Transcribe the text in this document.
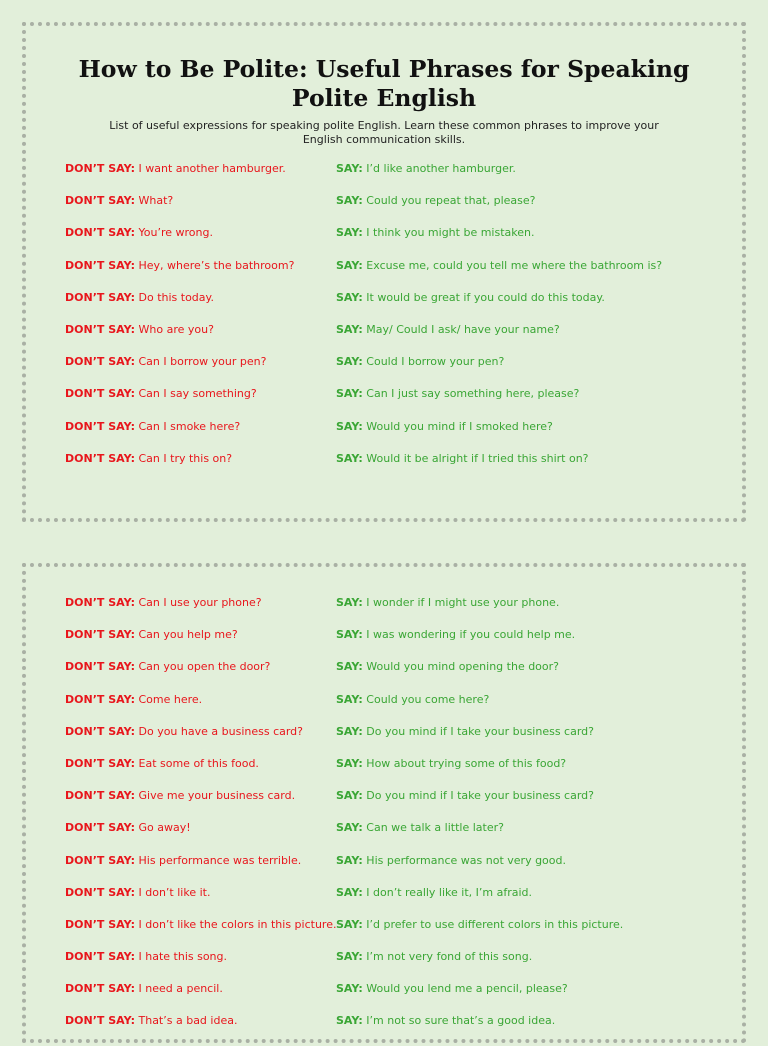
How to Be Polite: Useful Phrases for Speaking Polite English
List of useful expressions for speaking polite English. Learn these common phrases to improve your English communication skills.
DON’T SAY: I want another hamburger.	SAY: I’d like another hamburger.
DON’T SAY: What?	SAY: Could you repeat that, please?
DON’T SAY: You’re wrong.	SAY: I think you might be mistaken.
DON’T SAY: Hey, where’s the bathroom?	SAY: Excuse me, could you tell me where the bathroom is?
DON’T SAY: Do this today.	SAY: It would be great if you could do this today.
DON’T SAY: Who are you?	SAY: May/ Could I ask/ have your name?
DON’T SAY: Can I borrow your pen?	SAY: Could I borrow your pen?
DON’T SAY: Can I say something?	SAY: Can I just say something here, please?
DON’T SAY: Can I smoke here?	SAY: Would you mind if I smoked here?
DON’T SAY: Can I try this on?	SAY: Would it be alright if I tried this shirt on?
DON’T SAY: Can I use your phone?	SAY: I wonder if I might use your phone.
DON’T SAY: Can you help me?	SAY: I was wondering if you could help me.
DON’T SAY: Can you open the door?	SAY: Would you mind opening the door?
DON’T SAY: Come here.	SAY: Could you come here?
DON’T SAY: Do you have a business card?	SAY: Do you mind if I take your business card?
DON’T SAY: Eat some of this food.	SAY: How about trying some of this food?
DON’T SAY: Give me your business card.	SAY: Do you mind if I take your business card?
DON’T SAY: Go away!	SAY: Can we talk a little later?
DON’T SAY: His performance was terrible.	SAY: His performance was not very good.
DON’T SAY: I don’t like it.	SAY: I don’t really like it, I’m afraid.
DON’T SAY: I don’t like the colors in this picture. SAY: I’d prefer to use different colors in this picture.
DON’T SAY: I hate this song.	SAY: I’m not very fond of this song.
DON’T SAY: I need a pencil.	SAY: Would you lend me a pencil, please?
DON’T SAY: That’s a bad idea.	SAY: I’m not so sure that’s a good idea.
